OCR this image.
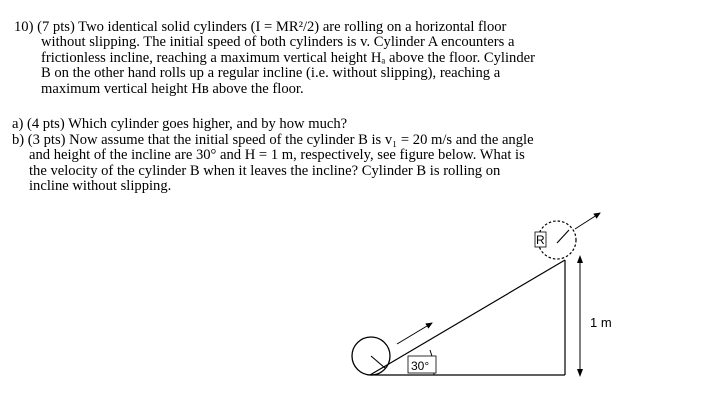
10) (7 pts) Two identical solid cylinders (I = MR²/2) are rolling on a horizontal floor
without slipping. The initial speed of both cylinders is v. Cylinder A encounters a
frictionless incline, reaching a maximum vertical height Hₐ above the floor. Cylinder
B on the other hand rolls up a regular incline (i.e. without slipping), reaching a
maximum vertical height Hʙ above the floor.
a) (4 pts) Which cylinder goes higher, and by how much?
b) (3 pts) Now assume that the initial speed of the cylinder B is v₁ = 20 m/s and the angle
and height of the incline are 30° and H = 1 m, respectively, see figure below. What is
the velocity of the cylinder B when it leaves the incline? Cylinder B is rolling on
incline without slipping.
30°
R
1 m
